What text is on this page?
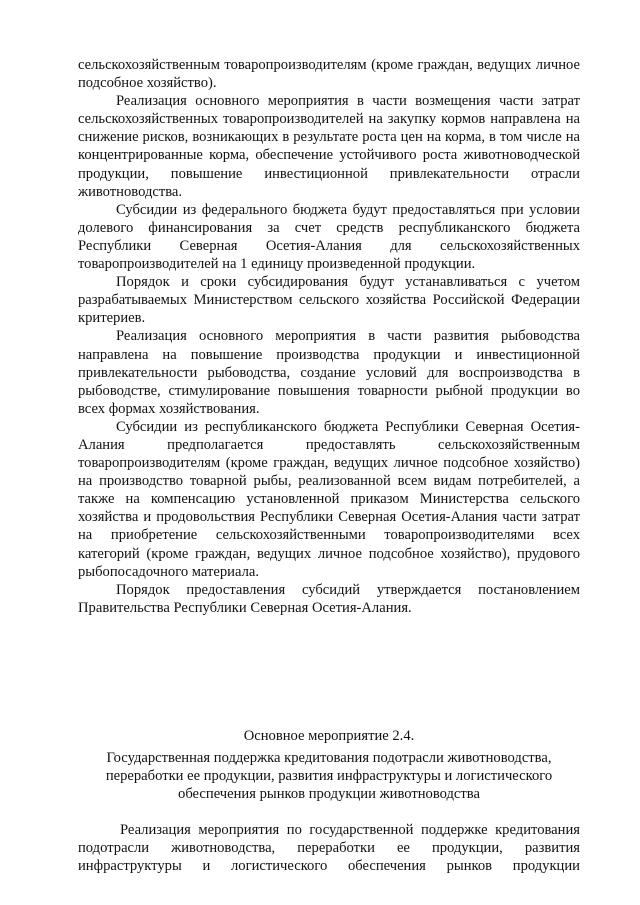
сельскохозяйственным товаропроизводителям (кроме граждан, ведущих личное подсобное хозяйство).

Реализация основного мероприятия в части возмещения части затрат сельскохозяйственных товаропроизводителей на закупку кормов направлена на снижение рисков, возникающих в результате роста цен на корма, в том числе на концентрированные корма, обеспечение устойчивого роста животноводческой продукции, повышение инвестиционной привлекательности отрасли животноводства.

Субсидии из федерального бюджета будут предоставляться при условии долевого финансирования за счет средств республиканского бюджета Республики Северная Осетия-Алания для сельскохозяйственных товаропроизводителей на 1 единицу произведенной продукции.

Порядок и сроки субсидирования будут устанавливаться с учетом разрабатываемых Министерством сельского хозяйства Российской Федерации критериев.

Реализация основного мероприятия в части развития рыбоводства направлена на повышение производства продукции и инвестиционной привлекательности рыбоводства, создание условий для воспроизводства в рыбоводстве, стимулирование повышения товарности рыбной продукции во всех формах хозяйствования.

Субсидии из республиканского бюджета Республики Северная Осетия-Алания предполагается предоставлять сельскохозяйственным товаропроизводителям (кроме граждан, ведущих личное подсобное хозяйство) на производство товарной рыбы, реализованной всем видам потребителей, а также на компенсацию установленной приказом Министерства сельского хозяйства и продовольствия Республики Северная Осетия-Алания части затрат на приобретение сельскохозяйственными товаропроизводителями всех категорий (кроме граждан, ведущих личное подсобное хозяйство), прудового рыбопосадочного материала.

Порядок предоставления субсидий утверждается постановлением Правительства Республики Северная Осетия-Алания.

Основное мероприятие 2.4.

Государственная поддержка кредитования подотрасли животноводства,

переработки ее продукции, развития инфраструктуры и логистического

обеспечения рынков продукции животноводства

Реализация мероприятия по государственной поддержке кредитования подотрасли животноводства, переработки ее продукции, развития инфраструктуры и логистического обеспечения рынков продукции
